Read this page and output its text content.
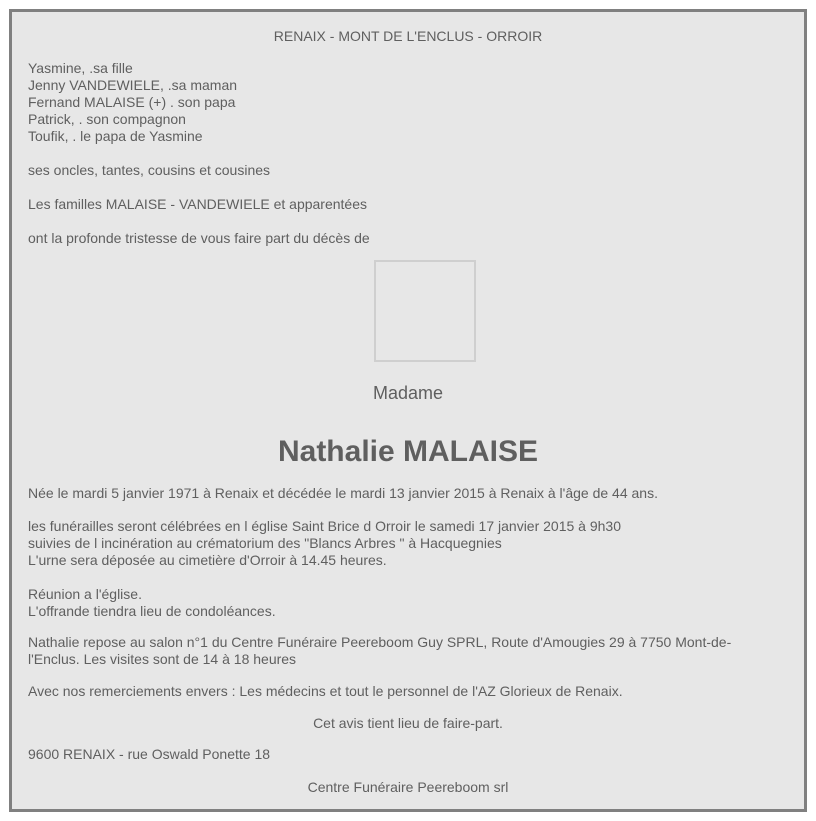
RENAIX - MONT DE L'ENCLUS - ORROIR
Yasmine, .sa fille
Jenny VANDEWIELE, .sa maman
Fernand MALAISE (+) . son papa
Patrick, . son compagnon
Toufik, . le papa de Yasmine
ses oncles, tantes, cousins et cousines
Les familles MALAISE - VANDEWIELE et apparentées
ont la profonde tristesse de vous faire part du décès de
Madame
Nathalie MALAISE
Née le mardi 5 janvier 1971 à Renaix et décédée le mardi 13 janvier 2015 à Renaix à l'âge de 44 ans.
les funérailles seront célébrées en l église Saint Brice d Orroir le samedi 17 janvier 2015 à 9h30
suivies de l incinération au crématorium des "Blancs Arbres " à Hacquegnies
L'urne sera déposée au cimetière d'Orroir à 14.45 heures.
Réunion a l'église.
L'offrande tiendra lieu de condoléances.
Nathalie repose au salon n°1 du Centre Funéraire Peereboom Guy SPRL, Route d'Amougies 29 à 7750 Mont-de-l'Enclus. Les visites sont de 14 à 18 heures
Avec nos remerciements envers : Les médecins et tout le personnel de l'AZ Glorieux de Renaix.
Cet avis tient lieu de faire-part.
9600 RENAIX - rue Oswald Ponette 18
Centre Funéraire Peereboom srl
